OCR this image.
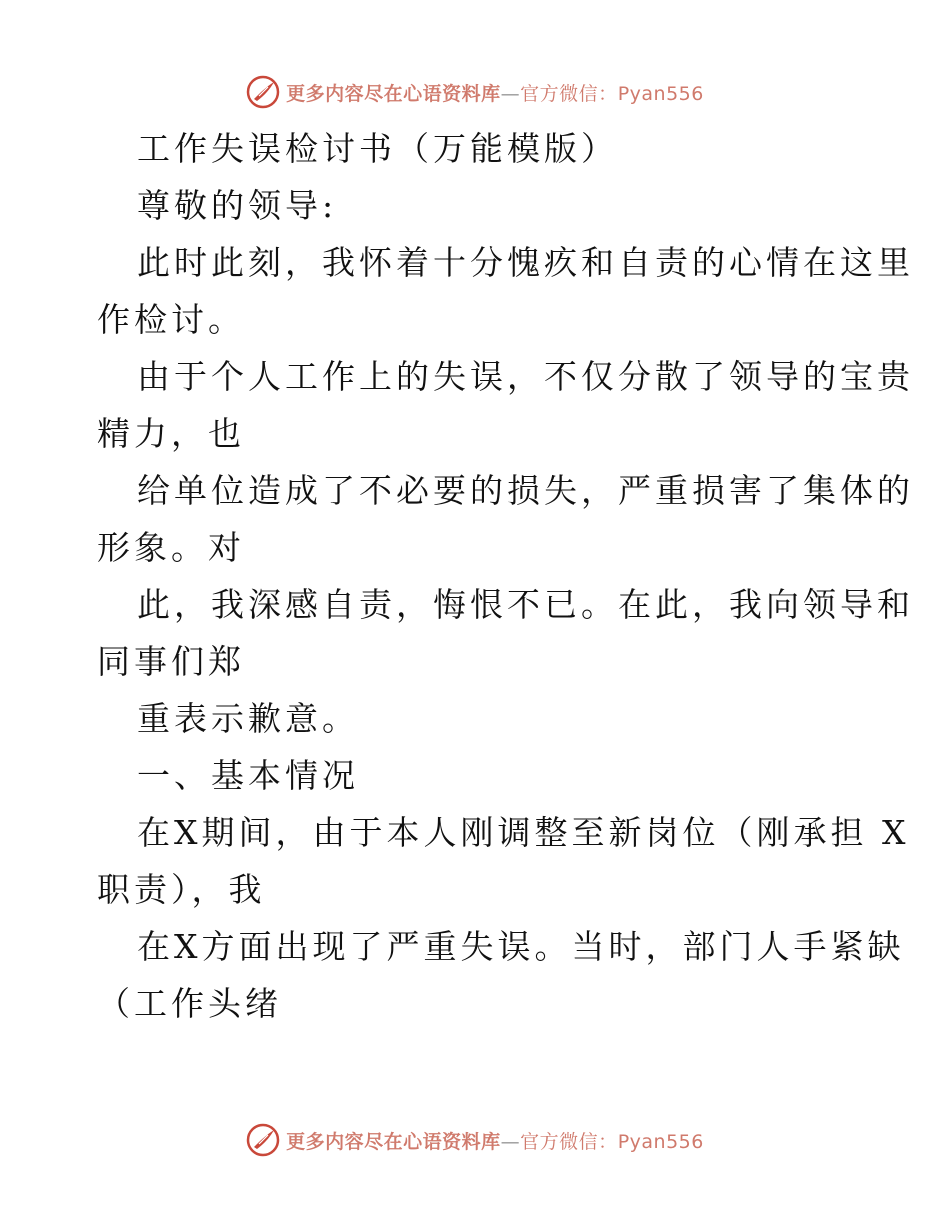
更多内容尽在心语资料库—官方微信：Pyan556

工作失误检讨书（万能模版）

尊敬的领导:

此时此刻，我怀着十分愧疚和自责的心情在这里

作检讨。

由于个人工作上的失误，不仅分散了领导的宝贵

精力，也

给单位造成了不必要的损失，严重损害了集体的

形象。对

此，我深感自责，悔恨不已。在此，我向领导和

同事们郑

重表示歉意。

一、基本情况

在X期间，由于本人刚调整至新岗位（刚承担 X

职责），我

在X方面出现了严重失误。当时，部门人手紧缺

（工作头绪

更多内容尽在心语资料库—官方微信：Pyan556
